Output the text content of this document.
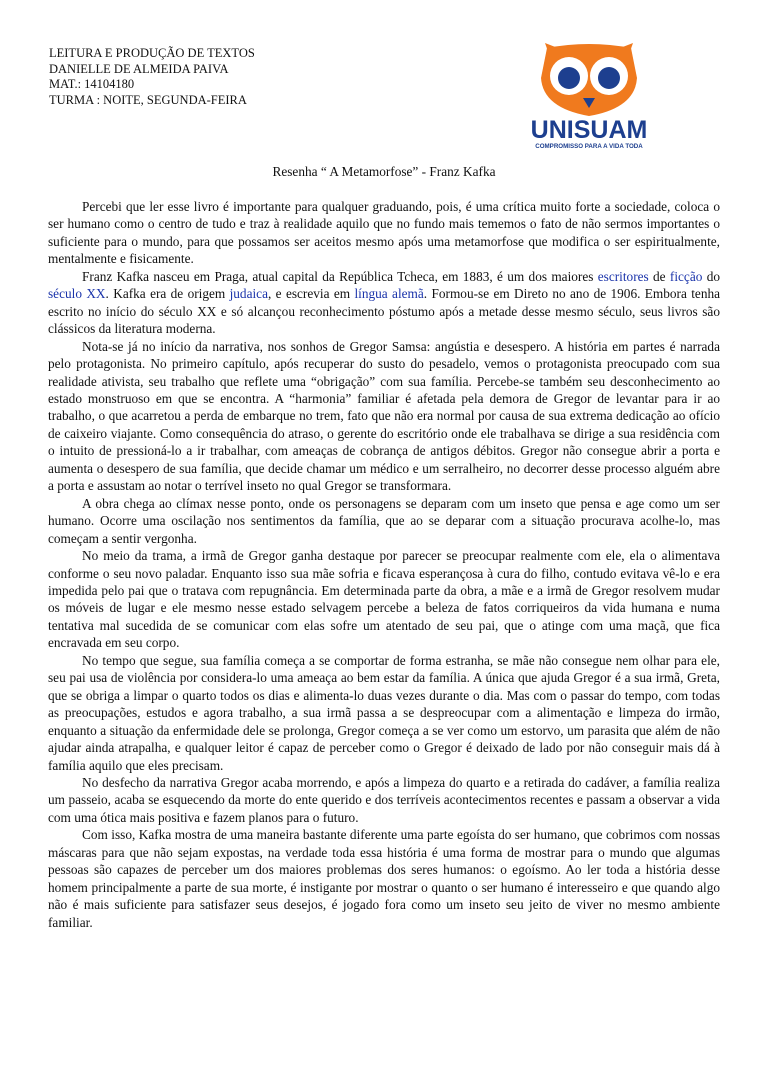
LEITURA E PRODUÇÃO DE TEXTOS
DANIELLE DE ALMEIDA PAIVA
MAT.: 14104180
TURMA : NOITE, SEGUNDA-FEIRA
UNISUAM
COMPROMISSO PARA A VIDA TODA
Resenha “ A Metamorfose” - Franz Kafka

Percebi que ler esse livro é importante para qualquer graduando, pois, é uma crítica muito forte a sociedade, coloca o ser humano como o centro de tudo e traz à realidade aquilo que no fundo mais tememos o fato de não sermos importantes o suficiente para o mundo, para que possamos ser aceitos mesmo após uma metamorfose que modifica o ser espiritualmente, mentalmente e fisicamente.

Franz Kafka nasceu em Praga, atual capital da República Tcheca, em 1883, é um dos maiores escritores de ficção do século XX. Kafka era de origem judaica, e escrevia em língua alemã. Formou-se em Direto no ano de 1906. Embora tenha escrito no início do século XX e só alcançou reconhecimento póstumo após a metade desse mesmo século, seus livros são clássicos da literatura moderna.

Nota-se já no início da narrativa, nos sonhos de Gregor Samsa: angústia e desespero. A história em partes é narrada pelo protagonista. No primeiro capítulo, após recuperar do susto do pesadelo, vemos o protagonista preocupado com sua realidade ativista, seu trabalho que reflete uma “obrigação” com sua família. Percebe-se também seu desconhecimento ao estado monstruoso em que se encontra. A “harmonia” familiar é afetada pela demora de Gregor de levantar para ir ao trabalho, o que acarretou a perda de embarque no trem, fato que não era normal por causa de sua extrema dedicação ao ofício de caixeiro viajante. Como consequência do atraso, o gerente do escritório onde ele trabalhava se dirige a sua residência com o intuito de pressioná-lo a ir trabalhar, com ameaças de cobrança de antigos débitos. Gregor não consegue abrir a porta e aumenta o desespero de sua família, que decide chamar um médico e um serralheiro, no decorrer desse processo alguém abre a porta e assustam ao notar o terrível inseto no qual Gregor se transformara.

A obra chega ao clímax nesse ponto, onde os personagens se deparam com um inseto que pensa e age como um ser humano. Ocorre uma oscilação nos sentimentos da família, que ao se deparar com a situação procurava acolhe-lo, mas começam a sentir vergonha.

No meio da trama, a irmã de Gregor ganha destaque por parecer se preocupar realmente com ele, ela o alimentava conforme o seu novo paladar. Enquanto isso sua mãe sofria e ficava esperançosa à cura do filho, contudo evitava vê-lo e era impedida pelo pai que o tratava com repugnância. Em determinada parte da obra, a mãe e a irmã de Gregor resolvem mudar os móveis de lugar e ele mesmo nesse estado selvagem percebe a beleza de fatos corriqueiros da vida humana e numa tentativa mal sucedida de se comunicar com elas sofre um atentado de seu pai, que o atinge com uma maçã, que fica encravada em seu corpo.

No tempo que segue, sua família começa a se comportar de forma estranha, se mãe não consegue nem olhar para ele, seu pai usa de violência por considera-lo uma ameaça ao bem estar da família. A única que ajuda Gregor é a sua irmã, Greta, que se obriga a limpar o quarto todos os dias e alimenta-lo duas vezes durante o dia. Mas com o passar do tempo, com todas as preocupações, estudos e agora trabalho, a sua irmã passa a se despreocupar com a alimentação e limpeza do irmão, enquanto a situação da enfermidade dele se prolonga, Gregor começa a se ver como um estorvo, um parasita que além de não ajudar ainda atrapalha, e qualquer leitor é capaz de perceber como o Gregor é deixado de lado por não conseguir mais dá à família aquilo que eles precisam.

No desfecho da narrativa Gregor acaba morrendo, e após a limpeza do quarto e a retirada do cadáver, a família realiza um passeio, acaba se esquecendo da morte do ente querido e dos terríveis acontecimentos recentes e passam a observar a vida com uma ótica mais positiva e fazem planos para o futuro.

Com isso, Kafka mostra de uma maneira bastante diferente uma parte egoísta do ser humano, que cobrimos com nossas máscaras para que não sejam expostas, na verdade toda essa história é uma forma de mostrar para o mundo que algumas pessoas são capazes de perceber um dos maiores problemas dos seres humanos: o egoísmo. Ao ler toda a história desse homem principalmente a parte de sua morte, é instigante por mostrar o quanto o ser humano é interesseiro e que quando algo não é mais suficiente para satisfazer seus desejos, é jogado fora como um inseto seu jeito de viver no mesmo ambiente familiar.
